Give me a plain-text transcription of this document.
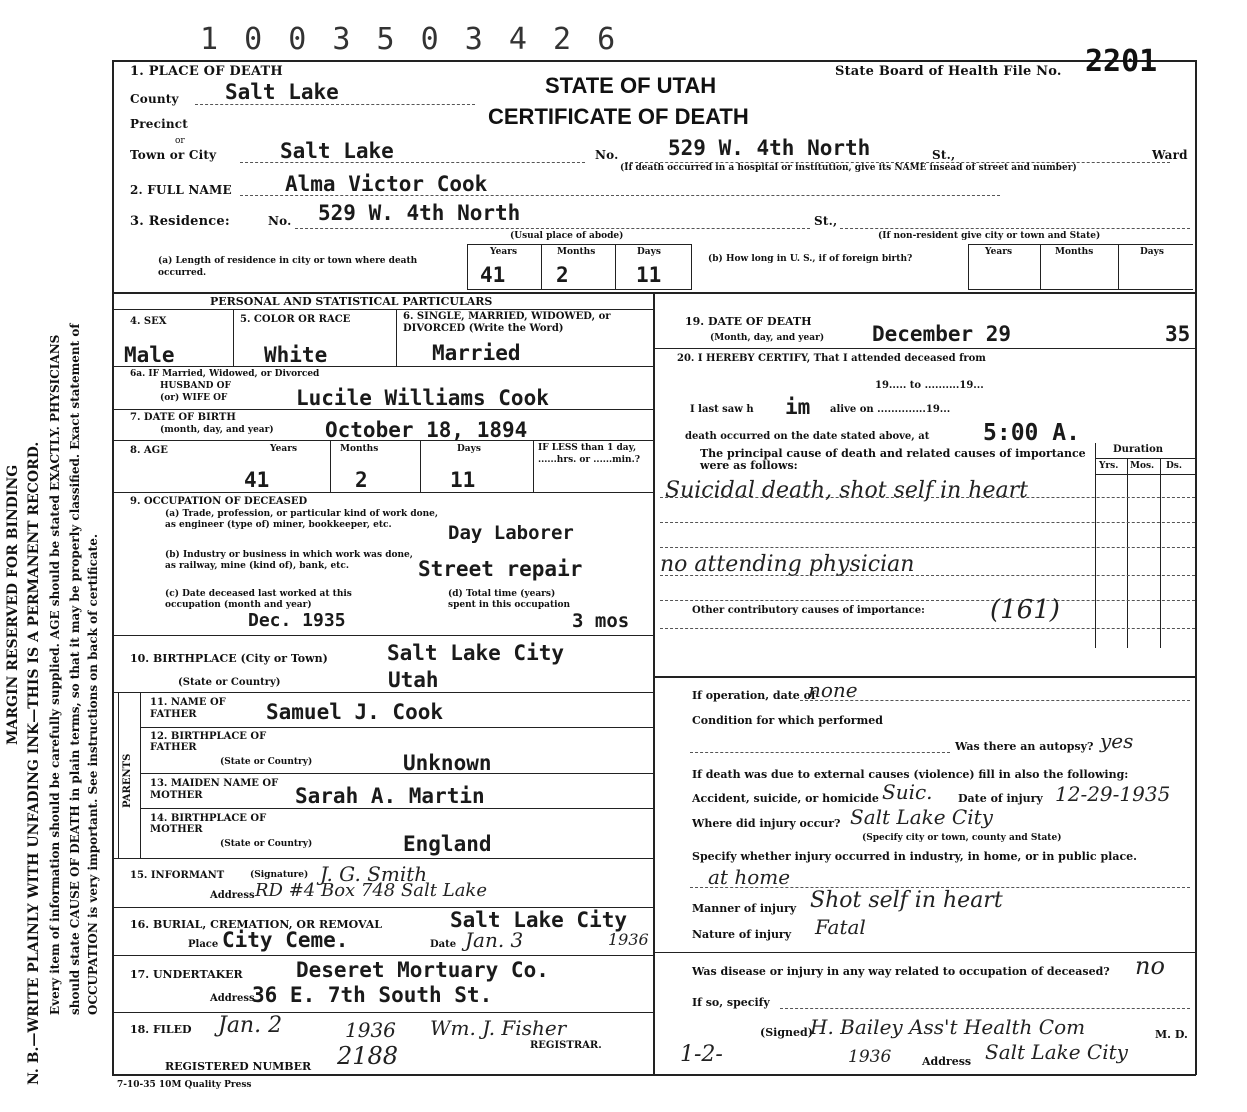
MARGIN RESERVED FOR BINDING N. B.—WRITE PLAINLY WITH UNFADING INK—THIS IS A PERMANENT RECORD. Every item of information should be carefully supplied. AGE should be stated EXACTLY. PHYSICIANS should state CAUSE OF DEATH in plain terms, so that it may be properly classified. Exact statement of OCCUPATION is very important. See instructions on back of certificate.
1 0 0 3 5 0 3 4 2 6
STATE OF UTAH
CERTIFICATE OF DEATH
State Board of Health File No. 2201
1. PLACE OF DEATH
County Salt Lake
Precinct
or
Town or City	Salt Lake	No. 529 W. 4th North	St.,	Ward
(If death occurred in a hospital or institution, give its NAME insead of street and number)
2. FULL NAME	Alma Victor Cook
3. Residence:	No. 529 W. 4th North	St.,
(Usual place of abode)	(If non-resident give city or town and State)
(a) Length of residence in city or town where death occurred.
Years	Months	Days
41 2	11
(b) How long in U. S., if of foreign birth?
Years	Months	Days
PERSONAL AND STATISTICAL PARTICULARS
4. SEX	5. COLOR OR RACE	6. SINGLE, MARRIED, WIDOWED, or DIVORCED (Write the Word)
Male	White	Married
6a. IF Married, Widowed, or Divorced
HUSBAND OF
(or) WIFE OF	Lucile Williams Cook
7. DATE OF BIRTH
(month, day, and year) October 18, 1894
8. AGE	Years	Months	Days	IF LESS than 1 day, ......hrs. or ......min.?
41	2	11
9. OCCUPATION OF DECEASED
(a) Trade, profession, or particular kind of work done, as engineer (type of) miner, bookkeeper, etc.	Day Laborer
(b) Industry or business in which work was done, as railway, mine (kind of), bank, etc.	Street repair
(c) Date deceased last worked at this occupation (month and year)
Dec. 1935
(d) Total time (years) spent in this occupation
3 mos
10. BIRTHPLACE (City or Town)	Salt Lake City
(State or Country)	Utah
PARENTS
11. NAME OF FATHER	Samuel J. Cook
12. BIRTHPLACE OF FATHER
(State or Country)	Unknown
13. MAIDEN NAME OF MOTHER	Sarah A. Martin
14. BIRTHPLACE OF MOTHER
(State or Country)	England
15. INFORMANT	(Signature) J. G. Smith
Address RD #4 Box 748 Salt Lake
16. BURIAL, CREMATION, OR REMOVAL	Salt Lake City
Place City Ceme.	Date Jan. 3	1936
17. UNDERTAKER	Deseret Mortuary Co.
Address
36 E. 7th South St.
18. FILED Jan. 2	1936 Wm. J. Fisher
REGISTRAR.
REGISTERED NUMBER 2188
7-10-35 10M Quality Press
19. DATE OF DEATH
(Month, day, and year) December 29	35
20. I HEREBY CERTIFY, That I attended deceased from
19..... to ..........19...
I last saw h im alive on ..............19...
death occurred on the date stated above, at 5:00 A.
The principal cause of death and related causes of importance were as follows:
Duration
Yrs. Mos. Ds.
Suicidal death, shot self in heart
no attending physician
Other contributory causes of importance:	(161)
If operation, date of
none
Condition for which performed
Was there an autopsy? yes
If death was due to external causes (violence) fill in also the following:
Accident, suicide, or homicide Suic. Date of injury 12-29-1935
Where did injury occur? Salt Lake City
(Specify city or town, county and State)
Specify whether injury occurred in industry, in home, or in public place.
at home
Manner of injury Shot self in heart
Nature of injury Fatal
Was disease or injury in any way related to occupation of deceased? no
If so, specify
(Signed)
H. Bailey Ass't Health Com	M. D.
1-2-	1936	Address Salt Lake City
